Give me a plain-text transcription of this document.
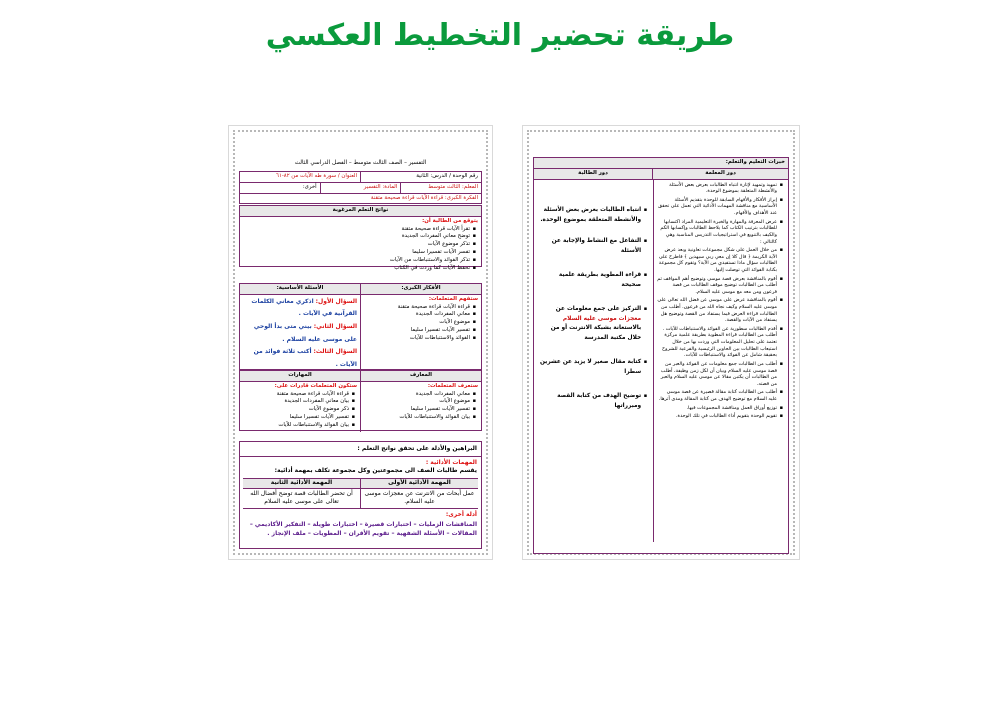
طريقة تحضير التخطيط العكسي
التفسير – الصف الثالث متوسط – الفصل الدراسي الثالث
رقم الوحدة / الدرس: الثانية
العنوان / سورة طه الآيات من ٨٢-٦١
المعلم: الثالث متوسط
المادة: التفسير
أخرى:
الفكرة الكبرى: قراءة الآيات قراءة صحيحة متقنة
نواتج التعلم المرغوبة
يتوقع من الطالبة أن:
▪ تقرأ الآيات قراءة صحيحة متقنة
▪ توضح معاني المفردات الجديدة
▪ تذكر موضوع الآيات
▪ تفسر الآيات تفسيرا سليما
▪ تذكر الفوائد والاستنباطات من الآيات
▪ تحفظ الآيات كما وردت في الكتاب
الأفكار الكبرى:
ستفهم المتعلمات:
▪ قراءة الآيات قراءة صحيحة متقنة
▪ معاني المفردات الجديدة
▪ موضوع الآيات
▪ تفسير الآيات تفسيرا سليما
▪ الفوائد والاستنباطات للآيات
الأسئلة الأساسية:
السؤال الأول: اذكري معاني الكلمات القرآنية في الآيات .
السؤال الثاني: بيني متى بدأ الوحي على موسى عليه السلام .
السؤال الثالث: أكتب ثلاثة فوائد من الآيات .
المعارف
ستعرف المتعلمات:
▪ معاني المفردات الجديدة
▪ موضوع الآيات
▪ تفسير الآيات تفسيرا سليما
▪ بيان الفوائد والاستنباطات للآيات
المهارات
ستكون المتعلمات قادرات على:
▪ قراءة الآيات قراءة صحيحة متقنة
▪ بيان معاني المفردات الجديدة
▪ ذكر موضوع الآيات
▪ تفسير الآيات تفسيرا سليما
▪ بيان الفوائد والاستنباطات للآيات
البراهين والأدلة على تحقق نواتج التعلم :
المهمات الأدائية :
يقسم طالبات الصف الى مجموعتين وكل مجموعة تكلف بمهمة أدائية:
المهمة الأدائية الأولى
عمل أبحاث من الانترنت عن معجزات موسى عليه السلام.
المهمة الأدائية الثانية
أن تحضر الطالبات قصة توضح أفضال الله تعالى على موسى عليه السلام
أدلة أخرى:
المناقشات الزمليات – اختبارات قصيرة – اختبارات طويلة – التفكير الأكاديمي – المقالات – الأسئلة الشفهية – تقويم الأقران – المطويات – ملف الإنجاز .
خبرات التعليم والتعلم:
دور المعلمة
دور الطالبة
▪ تمهيد وتمهيد لإثارة انتباه الطالبات بعرض بعض الأسئلة والأنشطة المتعلقة بموضوع الوحدة.
▪ إبراز الأفكار والأفهام السابقة للوحدة بتقديم الأسئلة الأساسية مع مناقشة المهمات الأدائية التي تعمل على تحقق عند الأهداف والأفهام.
▪ عرض المعرفة والمهارة والخبرة التعليمية المراد اكتسابها للطالبات بترتيب الكتاب كما يلاحظ الطالبات وإكسابها الكم والكيف بالتنويع في استراتيجيات التدريس المناسبة وهي كالتالي :
▪ من خلال العمل على شكل مجموعات تعاونية وبعد عرض الآية الكريمة ﴿ قال كلا إن معي ربي سيهدين ﴾ فاطرح على الطالبات سؤال ماذا تستفيدي من الآية؟ وتقوم كل مجموعة بكتابة الفوائد التي توصلت إليها.
▪ أقوم بالمناقشة بعرض قصة موسى وتوضيح أهم المواقف ثم أطلب من الطالبات توضيح موقف الطالبات من قصة فرعون ومن معه مع موسى عليه السلام.
▪ أقوم بالمناقشة عرض على موسى عن فضل الله تعالى على موسى عليه السلام وكيف نجاه الله من فرعون. أطلب من الطالبات قراءة العرض فيما يستفاد من القصة وتوضيح هل يستفاد من الآيات والقصة.
▪ أقدم الطالبات سطورية عن الفوائد والاستنباطات للآيات . أطلب من الطالبات قراءة المطوية بطريقة علمية مركزة تعتمد على تحليل المعلومات التي وردت بها من خلال استيعاب الطالبات بين الحاوين الرئيسية والفرعية للشروح بحقيقة شامل عن الفوائد والاستنباطات للآيات.
▪ أطلب من الطالبات جمع معلومات عن الفوائد والعبر من قصة موسى عليه السلام وبيان أن لكل زمن وظيفة، أطلب من الطالبات أن يكتبن مقالا عن موسى عليه السلام والعبر من قصته.
▪ أطلب من الطالبات كتابة مقالة قصيرة عن قصة موسى عليه السلام مع توضيح الهدف من كتابة المقالة ومدى أثرها.
▪ توزيع أوراق العمل ومناقشة المجموعات فيها.
▪ تقويم الوحدة بتقويم أداء الطالبات في تلك الوحدة.
▪ انتباه الطالبات بعرض بعض الأسئلة والأنشطة المتعلقة بموضوع الوحدة.
▪ التفاعل مع النشاط والإجابة عن الأسئلة
▪ قراءة المطوية بطريقة علمية صحيحة
▪ التركيز على جمع معلومات عن معجزات موسى عليه السلام بالاستعانة بشبكة الانترنت أو من خلال مكتبة المدرسة
▪ كتابة مقال صغير لا يزيد عن عشرين سطرا
▪ توضيح الهدف من كتابة القصة ومبرراتها
